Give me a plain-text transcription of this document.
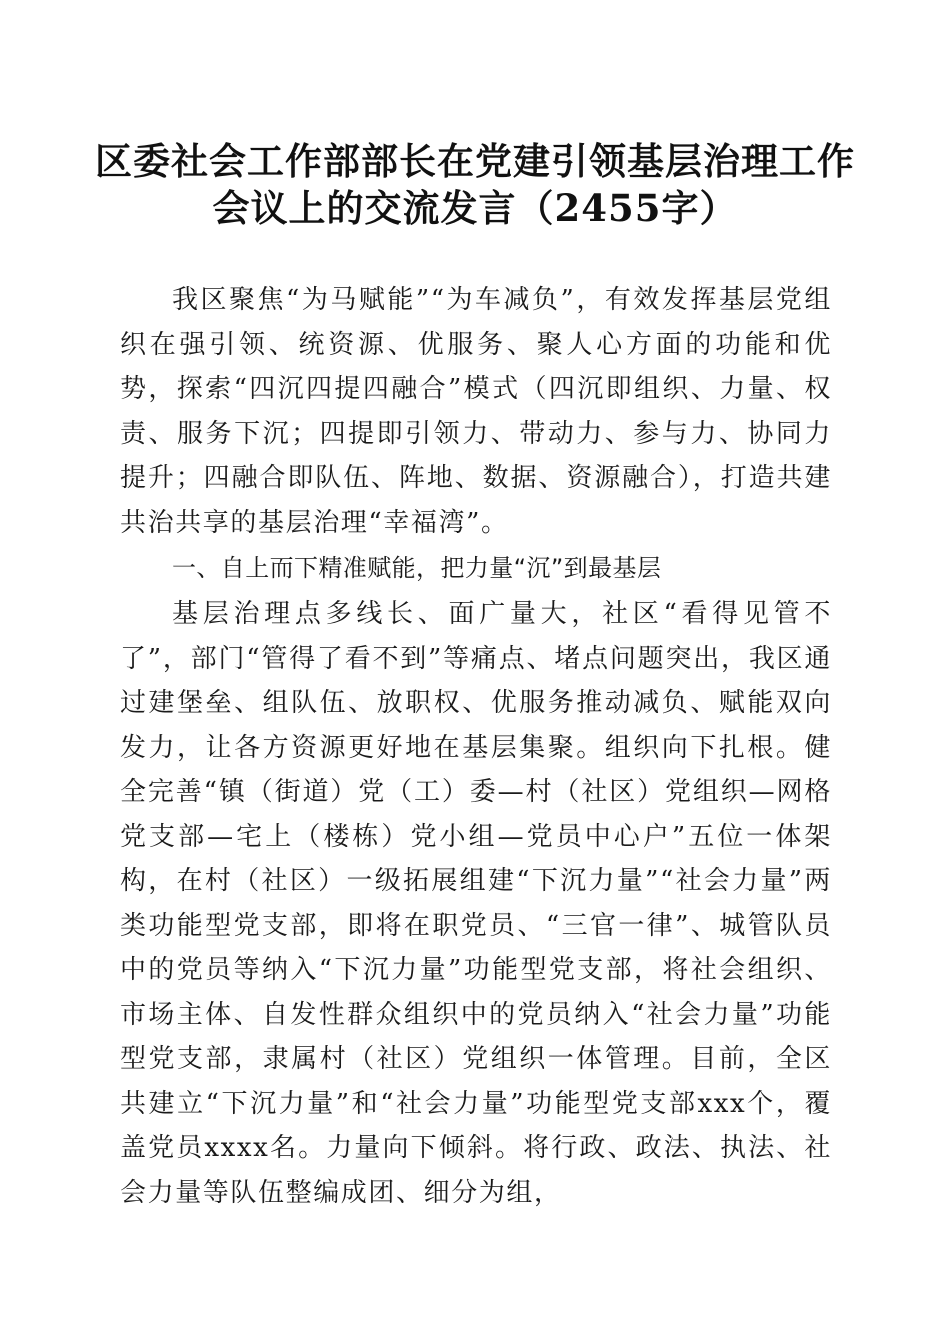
区委社会工作部部长在党建引领基层治理工作
会议上的交流发言（2455字）

我区聚焦“为马赋能”“为车减负”，有效发挥基层党组织在强引领、统资源、优服务、聚人心方面的功能和优势，探索“四沉四提四融合”模式（四沉即组织、力量、权责、服务下沉；四提即引领力、带动力、参与力、协同力提升；四融合即队伍、阵地、数据、资源融合），打造共建共治共享的基层治理“幸福湾”。

一、自上而下精准赋能，把力量“沉”到最基层

基层治理点多线长、面广量大，社区“看得见管不了”，部门“管得了看不到”等痛点、堵点问题突出，我区通过建堡垒、组队伍、放职权、优服务推动减负、赋能双向发力，让各方资源更好地在基层集聚。组织向下扎根。健全完善“镇（街道）党（工）委—村（社区）党组织—网格党支部—宅上（楼栋）党小组—党员中心户”五位一体架构，在村（社区）一级拓展组建“下沉力量”“社会力量”两类功能型党支部，即将在职党员、“三官一律”、城管队员中的党员等纳入“下沉力量”功能型党支部，将社会组织、市场主体、自发性群众组织中的党员纳入“社会力量”功能型党支部，隶属村（社区）党组织一体管理。目前，全区共建立“下沉力量”和“社会力量”功能型党支部xxx个，覆盖党员xxxx名。力量向下倾斜。将行政、政法、执法、社会力量等队伍整编成团、细分为组，
